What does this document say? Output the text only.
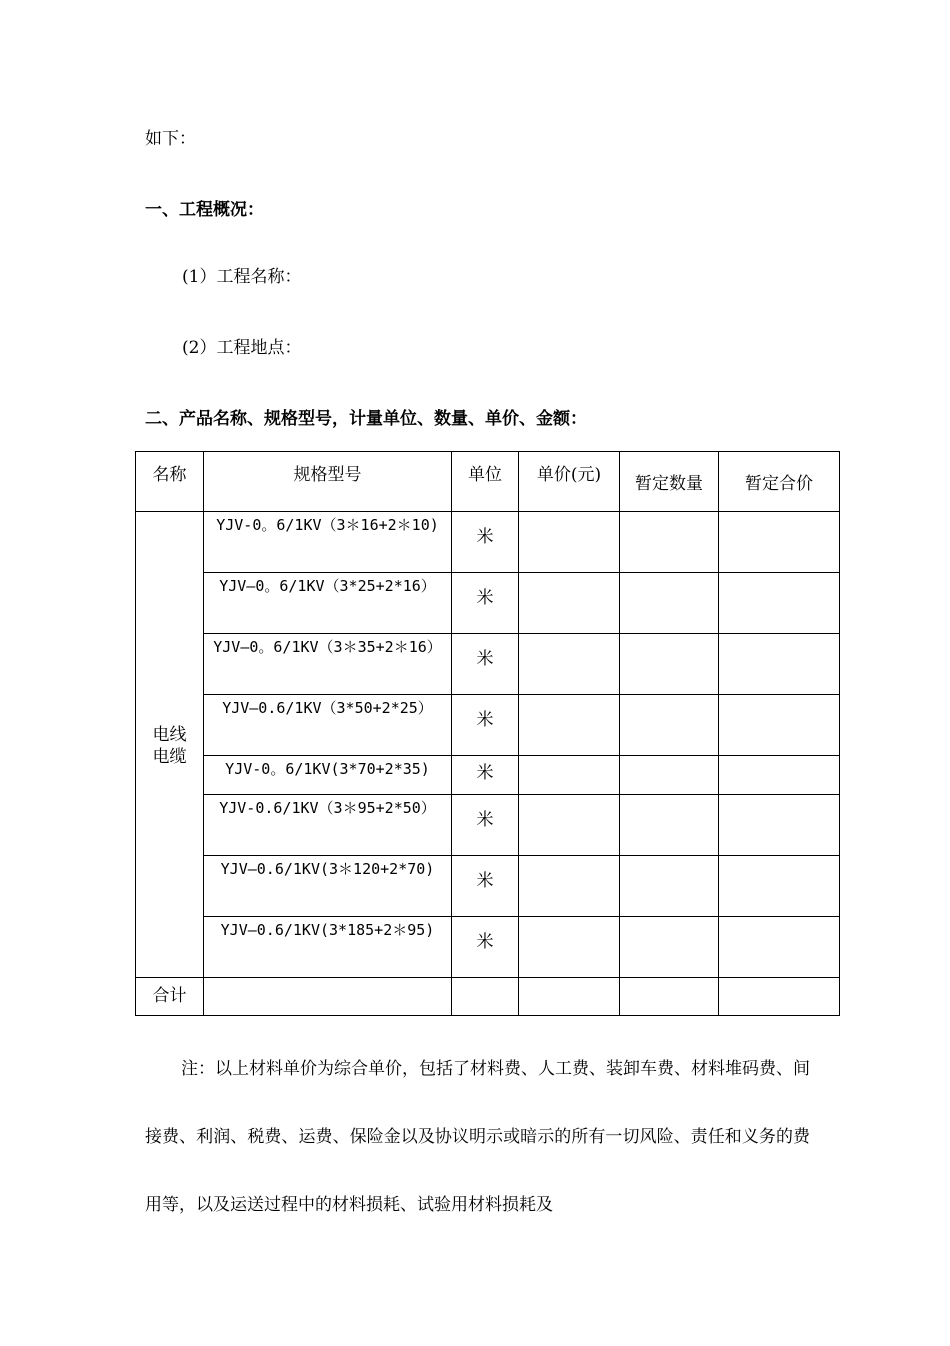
如下：
一、工程概况：
(1）工程名称：
(2）工程地点：
二、产品名称、规格型号，计量单位、数量、单价、金额：
名称	规格型号	单位	单价(元)	暂定数量	暂定合价
电线电缆	YJV-0。6/1KV（3＊16+2＊10)	米			
	YJV—0。6/1KV（3*25+2*16）	米			
	YJV—0。6/1KV（3＊35+2＊16）	米			
	YJV—0.6/1KV（3*50+2*25）	米			
	YJV-0。6/1KV(3*70+2*35)	米			
	YJV-0.6/1KV（3＊95+2*50）	米			
	YJV—0.6/1KV(3＊120+2*70)	米			
	YJV—0.6/1KV(3*185+2＊95)	米			
合计					
注：以上材料单价为综合单价，包括了材料费、人工费、装卸车费、材料堆码费、间接费、利润、税费、运费、保险金以及协议明示或暗示的所有一切风险、责任和义务的费用等，以及运送过程中的材料损耗、试验用材料损耗及
